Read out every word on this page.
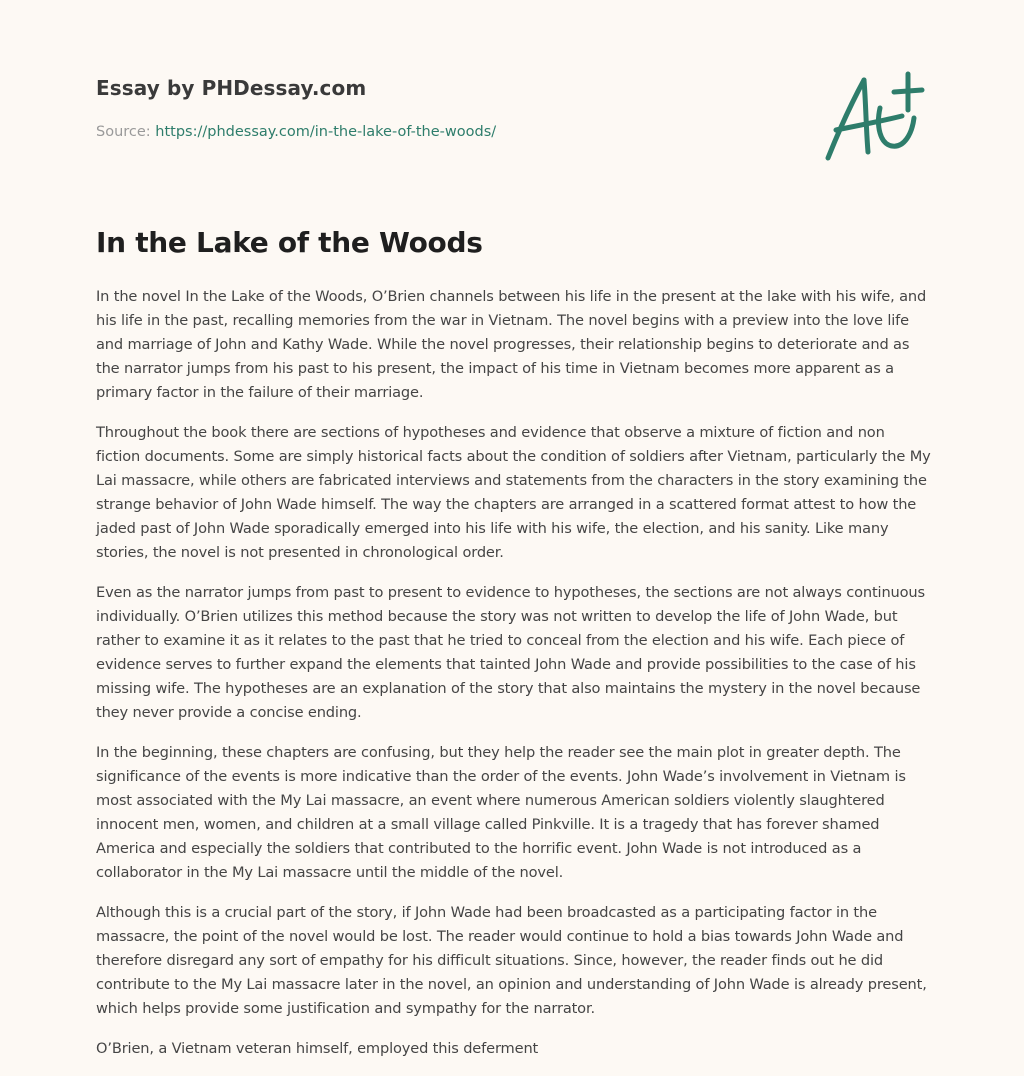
Essay by PHDessay.com
Source: https://phdessay.com/in-the-lake-of-the-woods/
In the Lake of the Woods

In the novel In the Lake of the Woods, O’Brien channels between his life in the present at the lake with his wife, and his life in the past, recalling memories from the war in Vietnam. The novel begins with a preview into the love life and marriage of John and Kathy Wade. While the novel progresses, their relationship begins to deteriorate and as the narrator jumps from his past to his present, the impact of his time in Vietnam becomes more apparent as a primary factor in the failure of their marriage.

Throughout the book there are sections of hypotheses and evidence that observe a mixture of fiction and non fiction documents. Some are simply historical facts about the condition of soldiers after Vietnam, particularly the My Lai massacre, while others are fabricated interviews and statements from the characters in the story examining the strange behavior of John Wade himself. The way the chapters are arranged in a scattered format attest to how the jaded past of John Wade sporadically emerged into his life with his wife, the election, and his sanity. Like many stories, the novel is not presented in chronological order.

Even as the narrator jumps from past to present to evidence to hypotheses, the sections are not always continuous individually. O’Brien utilizes this method because the story was not written to develop the life of John Wade, but rather to examine it as it relates to the past that he tried to conceal from the election and his wife. Each piece of evidence serves to further expand the elements that tainted John Wade and provide possibilities to the case of his missing wife. The hypotheses are an explanation of the story that also maintains the mystery in the novel because they never provide a concise ending.

In the beginning, these chapters are confusing, but they help the reader see the main plot in greater depth. The significance of the events is more indicative than the order of the events. John Wade’s involvement in Vietnam is most associated with the My Lai massacre, an event where numerous American soldiers violently slaughtered innocent men, women, and children at a small village called Pinkville. It is a tragedy that has forever shamed America and especially the soldiers that contributed to the horrific event. John Wade is not introduced as a collaborator in the My Lai massacre until the middle of the novel.

Although this is a crucial part of the story, if John Wade had been broadcasted as a participating factor in the massacre, the point of the novel would be lost. The reader would continue to hold a bias towards John Wade and therefore disregard any sort of empathy for his difficult situations. Since, however, the reader finds out he did contribute to the My Lai massacre later in the novel, an opinion and understanding of John Wade is already present, which helps provide some justification and sympathy for the narrator.

O’Brien, a Vietnam veteran himself, employed this deferment
